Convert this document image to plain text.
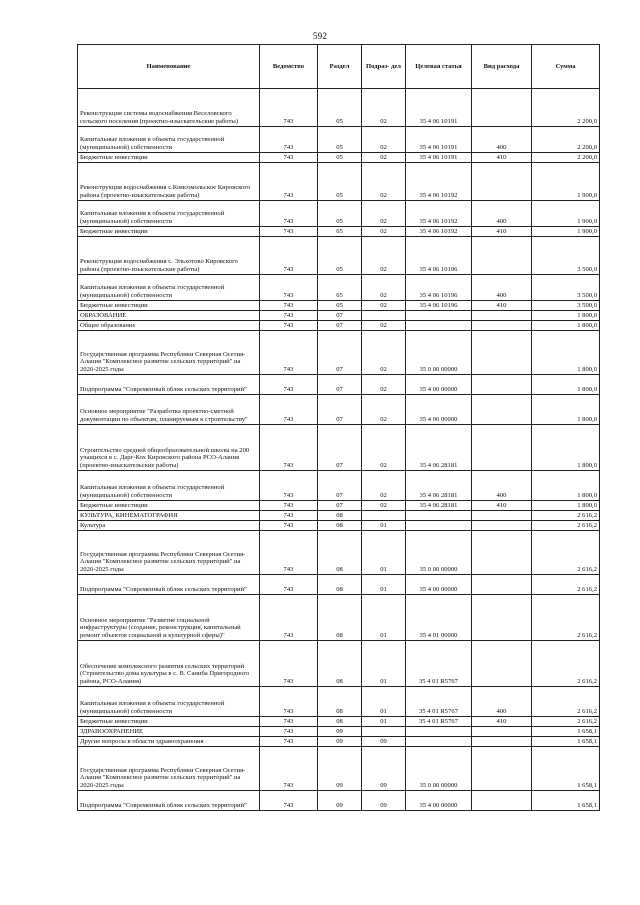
592
Наименование	Ведомство	Раздел	Подраз- дел	Целевая статья	Вид расхода	Сумма
Реконструкция системы водоснабжения Веселовского сельского поселения (проектно-изыскательские работы)	743	05	02	35 4 06 10191		2 200,0
Капитальные вложения в объекты государственной (муниципальной) собственности	743	05	02	35 4 06 10191	400	2 200,0
Бюджетные инвестиции	743	05	02	35 4 06 10191	410	2 200,0
Реконструкция водоснабжения с.Комсомольское Кировского района (проектно-изыскательские работы)	743	05	02	35 4 06 10192		1 900,0
Капитальные вложения в объекты государственной (муниципальной) собственности	743	05	02	35 4 06 10192	400	1 900,0
Бюджетные инвестиции	743	05	02	35 4 06 10192	410	1 900,0
Реконструкция водоснабжения с. Эльхотово Кировского района (проектно-изыскательские работы)	743	05	02	35 4 06 10196		3 500,0
Капитальные вложения в объекты государственной (муниципальной) собственности	743	05	02	35 4 06 10196	400	3 500,0
Бюджетные инвестиции	743	05	02	35 4 06 10196	410	3 500,0
ОБРАЗОВАНИЕ	743	07				1 800,0
Общее образование	743	07	02			1 800,0
Государственная программа Республики Северная Осетия-Алания "Комплексное развитие сельских территорий" на 2020-2025 годы	743	07	02	35 0 00 00000		1 800,0
Подпрограмма "Современный облик сельских территорий"	743	07	02	35 4 00 00000		1 800,0
Основное мероприятие "Разработка проектно-сметной документации по объектам, планируемым к строительству"	743	07	02	35 4 06 00000		1 800,0
Строительство средней общеобразовательной школы на 200 учащихся в с. Дарг-Кох Кировского района РСО-Алания (проектно-изыскательские работы)	743	07	02	35 4 06 28181		1 800,0
Капитальные вложения в объекты государственной (муниципальной) собственности	743	07	02	35 4 06 28181	400	1 800,0
Бюджетные инвестиции	743	07	02	35 4 06 28181	410	1 800,0
КУЛЬТУРА, КИНЕМАТОГРАФИЯ	743	08				2 616,2
Культура	743	08	01			2 616,2
Государственная программа Республики Северная Осетия-Алания "Комплексное развитие сельских территорий" на 2020-2025 годы	743	08	01	35 0 00 00000		2 616,2
Подпрограмма "Современный облик сельских территорий"	743	08	01	35 4 00 00000		2 616,2
Основное мероприятие "Развитие социальной инфраструктуры (создание, реконструкция, капитальный ремонт объектов социальной и культурной сферы)"	743	08	01	35 4 01 00000		2 616,2
Обеспечение комплексного развития сельских территорий (Строительство дома культуры в с. В. Саниба Пригородного района, РСО-Алания)	743	08	01	35 4 01 R5767		2 616,2
Капитальные вложения в объекты государственной (муниципальной) собственности	743	08	01	35 4 01 R5767	400	2 616,2
Бюджетные инвестиции	743	08	01	35 4 01 R5767	410	2 616,2
ЗДРАВООХРАНЕНИЕ	743	09				1 658,1
Другие вопросы в области здравоохранения	743	09	09			1 658,1
Государственная программа Республики Северная Осетия-Алания "Комплексное развитие сельских территорий" на 2020-2025 годы	743	09	09	35 0 00 00000		1 658,1
Подпрограмма "Современный облик сельских территорий"	743	09	09	35 4 00 00000		1 658,1
